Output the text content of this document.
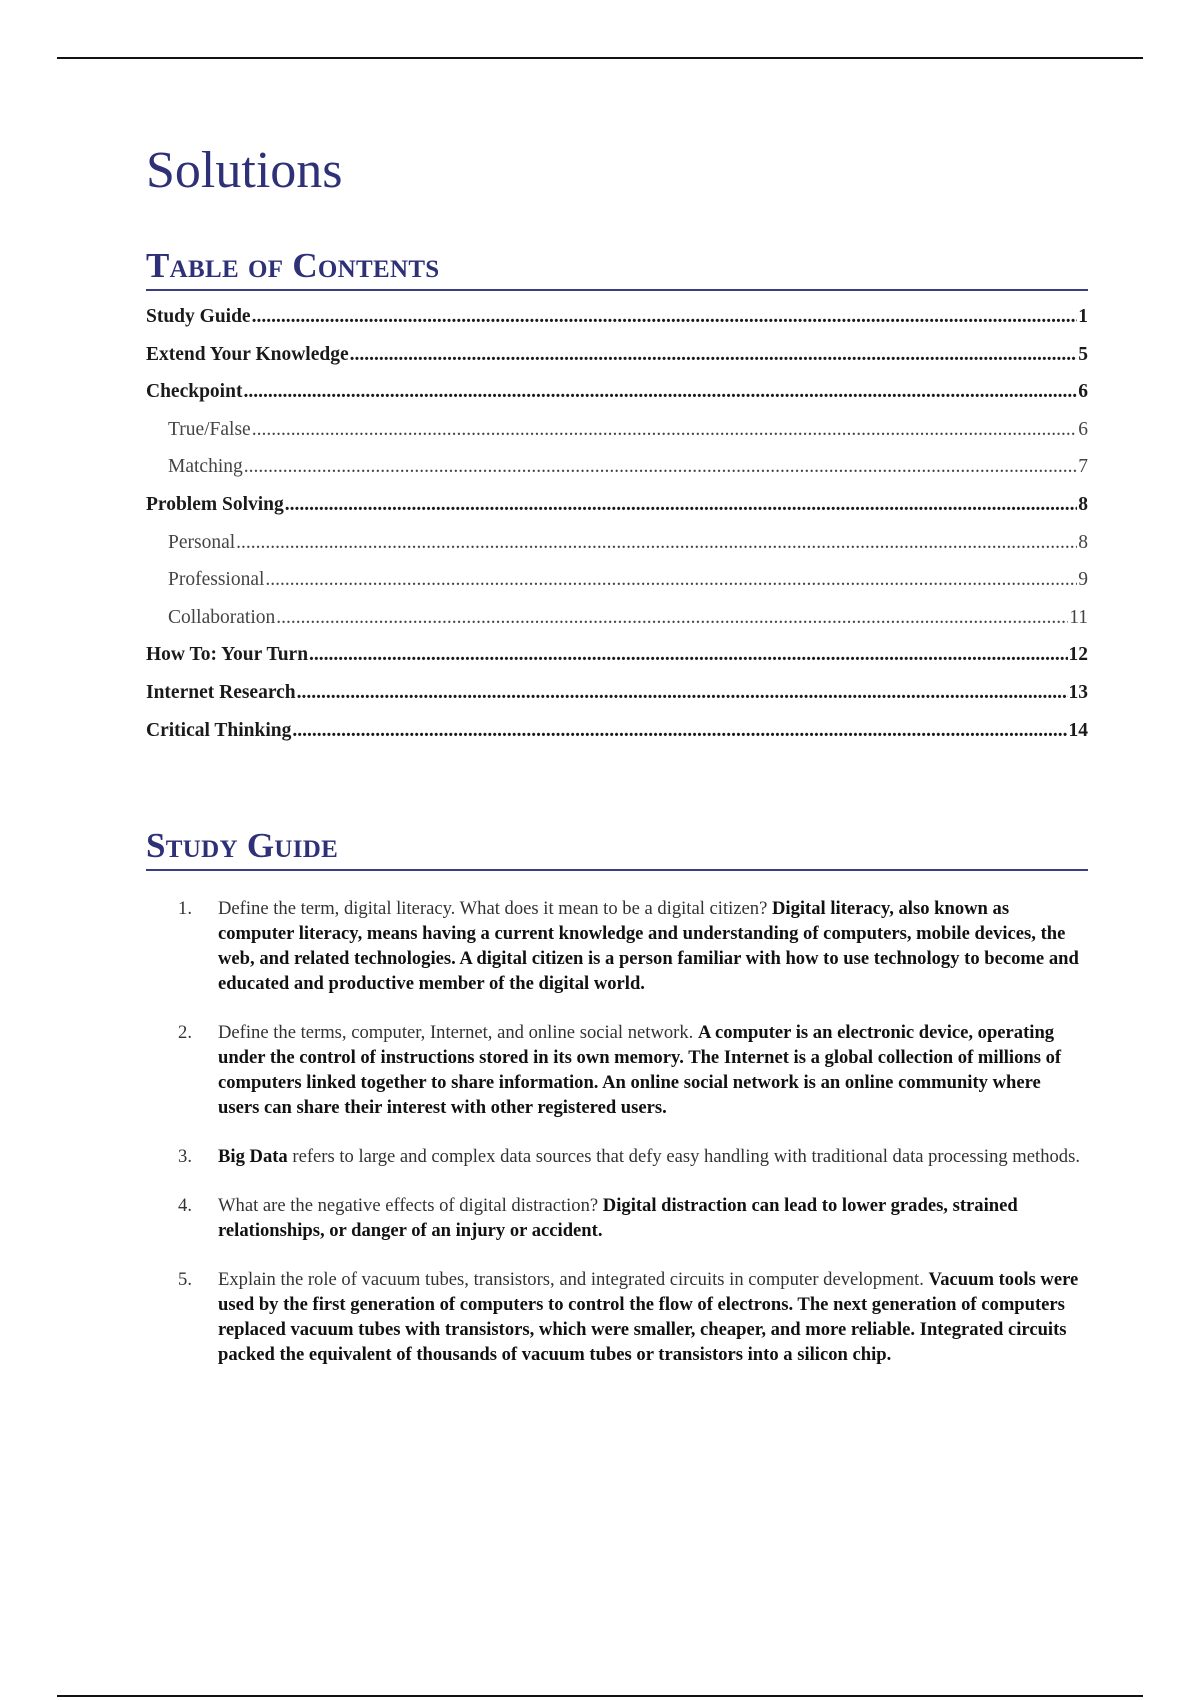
Solutions
Table of Contents
Study Guide .....	1
Extend Your Knowledge .....	5
Checkpoint .....	6
True/False .....	6
Matching .....	7
Problem Solving .....	8
Personal .....	8
Professional .....	9
Collaboration .....	11
How To: Your Turn .....	12
Internet Research .....	13
Critical Thinking .....	14
Study Guide
1.	Define the term, digital literacy. What does it mean to be a digital citizen? Digital literacy, also known as computer literacy, means having a current knowledge and understanding of computers, mobile devices, the web, and related technologies. A digital citizen is a person familiar with how to use technology to become and educated and productive member of the digital world.
2.	Define the terms, computer, Internet, and online social network. A computer is an electronic device, operating under the control of instructions stored in its own memory. The Internet is a global collection of millions of computers linked together to share information. An online social network is an online community where users can share their interest with other registered users.
3.	Big Data refers to large and complex data sources that defy easy handling with traditional data processing methods.
4.	What are the negative effects of digital distraction? Digital distraction can lead to lower grades, strained relationships, or danger of an injury or accident.
5.	Explain the role of vacuum tubes, transistors, and integrated circuits in computer development. Vacuum tools were used by the first generation of computers to control the flow of electrons. The next generation of computers replaced vacuum tubes with transistors, which were smaller, cheaper, and more reliable. Integrated circuits packed the equivalent of thousands of vacuum tubes or transistors into a silicon chip.
